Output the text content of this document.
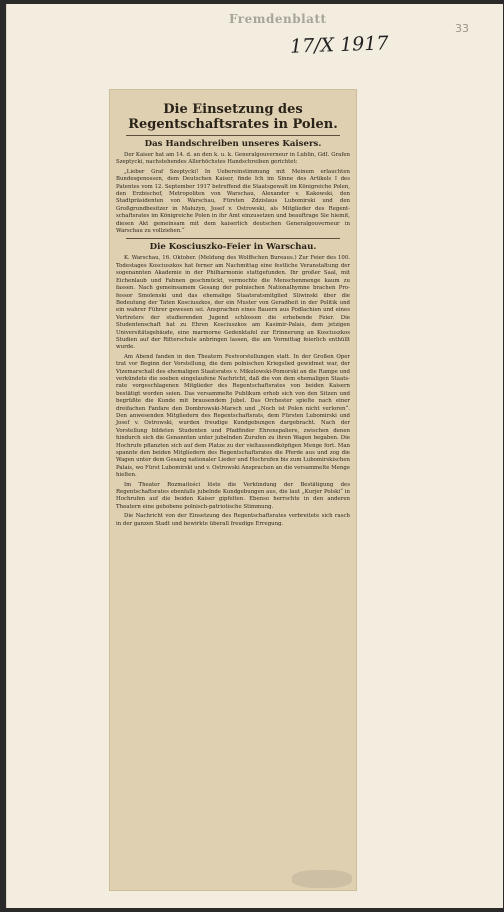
Fremdenblatt
17/X 1917
33
Die Einsetzung des Regentschaftsrates in Polen.
Das Handschreiben unseres Kaisers.

Der Kaiser hat am 14. d. an den k. u. k. Generalgouverneur in Lublin, GdI. Grafen Szeptycki, nachstehendes Allerhöchstes Handschreiben gerichtet:

„Lieber Graf Szeptycki! In Uebereinstimmung mit Meinem erlauchten Bundesgenossen, dem Deutschen Kaiser, finde Ich im Sinne des Artikels I des Patentes vom 12. September 1917 betreffend die Staatsgewalt im Königreiche Polen, den Erzbischof, Metropoliten von Warschau, Alexander v. Kakowski, den Stadtpräsidenten von Warschau, Fürsten Zdzislaus Lubomirski und den Großgrundbesitzer in Małużyn, Josef v. Ostrowski, als Mitglieder des Regentschaftsrates im Königreiche Polen in ihr Amt einzusetzen und beauftrage Sie hiemit, diesen Akt gemeinsam mit dem kaiserlich deutschen Generalgouverneur in Warschau zu vollziehen.“

Die Kosciuszko-Feier in Warschau.

K. Warschau, 16. Oktober. (Meldung des Wolffschen Bureaus.) Zur Feier des 100. Todestages Kosciuszkos hat ferner am Nachmittag eine festliche Veranstaltung der sogenannten Akademie in der Philharmonie stattgefunden. Ihr großer Saal, mit Eichenlaub und Fahnen geschmückt, vermochte die Menschenmenge kaum zu fassen. Nach gemeinsamem Gesang der polnischen Nationalhymne brachen Professor Smolenski und das ehemalige Staatsratsmitglied Sliwinski über die Bedeutung der Taten Kosciuszkos, der ein Muster von Geradheit in der Politik und ein wahrer Führer gewesen sei. Ansprachen eines Bauern aus Podlachien und eines Vertreters der studierenden Jugend schlossen die erhebende Feier. Die Studentenschaft hat zu Ehren Kosciuszkos am Kasimir-Palais, dem jetzigen Universitätsgebäude, eine marmorne Gedenktafel zur Erinnerung an Kosciuszkos Studien auf der Ritterschule anbringen lassen, die am Vormittag feierlich enthüllt wurde.

Am Abend fanden in den Theatern Festvorstellungen statt. In der Großen Oper trat vor Beginn der Vorstellung, die dem polnischen Kriegslied gewidmet war, der Vizemarschall des ehemaligen Staatsrates v. Mikulowski-Pomorski an die Rampe und verkündete die soeben eingelaufene Nachricht, daß die von dem ehemaligen Staatsrate vorgeschlagenen Mitglieder des Regentschaftsrates von beiden Kaisern bestätigt worden seien. Das versammelte Publikum erhob sich von den Sitzen und begrüßte die Kunde mit brausendem Jubel. Das Orchester spielte nach einer dreifachen Fanfare den Dombrowski-Marsch und „Noch ist Polen nicht verloren“. Den anwesenden Mitgliedern des Regentschaftsrats, dem Fürsten Lubomirski und Josef v. Ostrowski, wurden freudige Kundgebungen dargebracht. Nach der Vorstellung bildeten Studenten und Pfadfinder Ehrenspaliere, zwischen denen hindurch sich die Genannten unter jubelnden Zurufen zu ihren Wagen begaben. Die Hochrufe pflanzten sich auf dem Platze zu der vieltausendköpfigen Menge fort. Man spannte den beiden Mitgliedern des Regentschaftsrates die Pferde aus und zog die Wagen unter dem Gesang nationaler Lieder und Hochrufen bis zum Lubomirskischen Palais, wo Fürst Lubomirski und v. Ostrowski Ansprachen an die versammelte Menge hielten.

Im Theater Rozmaitości löste die Verkündung der Bestätigung des Regentschaftsrates ebenfalls jubelnde Kundgebungen aus, die laut „Kurjer Polski“ in Hochrufen auf die beiden Kaiser gipfelten. Ebenso herrschte in den anderen Theatern eine gehobene polnisch-patriotische Stimmung.

Die Nachricht von der Einsetzung des Regentschaftsrates verbreitete sich rasch in der ganzen Stadt und bewirkte überall freudige Erregung.
